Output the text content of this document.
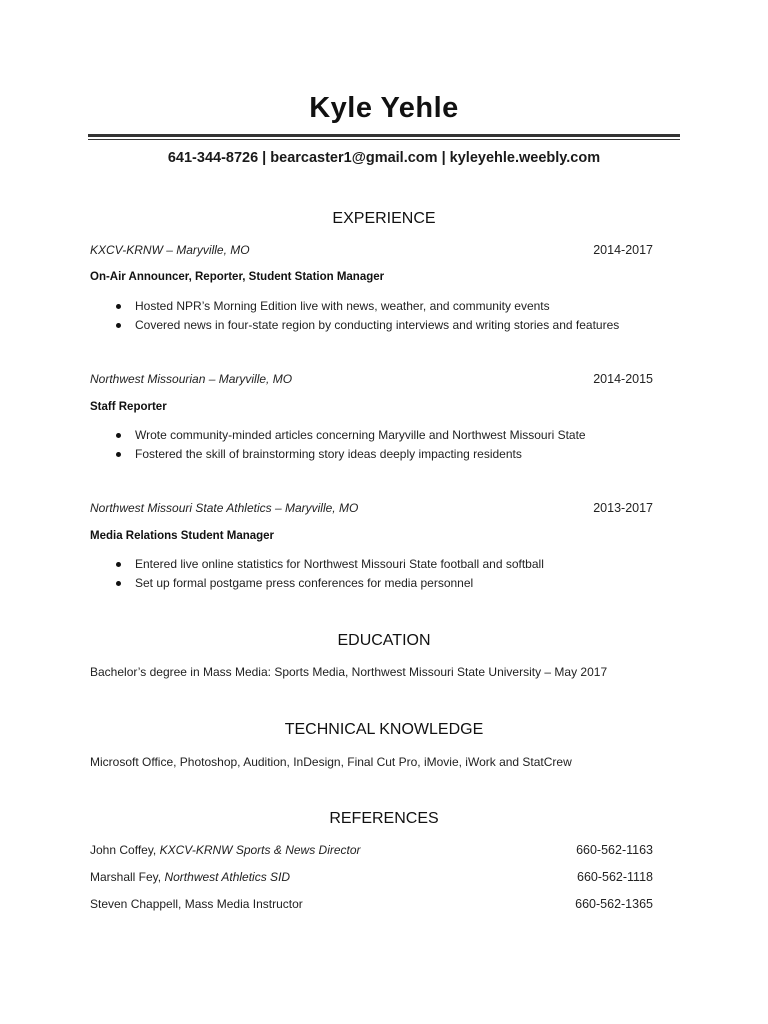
Kyle Yehle
641-344-8726 | bearcaster1@gmail.com | kyleyehle.weebly.com
EXPERIENCE
KXCV-KRNW – Maryville, MO	2014-2017
On-Air Announcer, Reporter, Student Station Manager
Hosted NPR’s Morning Edition live with news, weather, and community events
Covered news in four-state region by conducting interviews and writing stories and features
Northwest Missourian – Maryville, MO	2014-2015
Staff Reporter
Wrote community-minded articles concerning Maryville and Northwest Missouri State
Fostered the skill of brainstorming story ideas deeply impacting residents
Northwest Missouri State Athletics – Maryville, MO	2013-2017
Media Relations Student Manager
Entered live online statistics for Northwest Missouri State football and softball
Set up formal postgame press conferences for media personnel
EDUCATION
Bachelor’s degree in Mass Media: Sports Media, Northwest Missouri State University – May 2017
TECHNICAL KNOWLEDGE
Microsoft Office, Photoshop, Audition, InDesign, Final Cut Pro, iMovie, iWork and StatCrew
REFERENCES
John Coffey, KXCV-KRNW Sports & News Director	660-562-1163
Marshall Fey, Northwest Athletics SID	660-562-1118
Steven Chappell, Mass Media Instructor	660-562-1365
